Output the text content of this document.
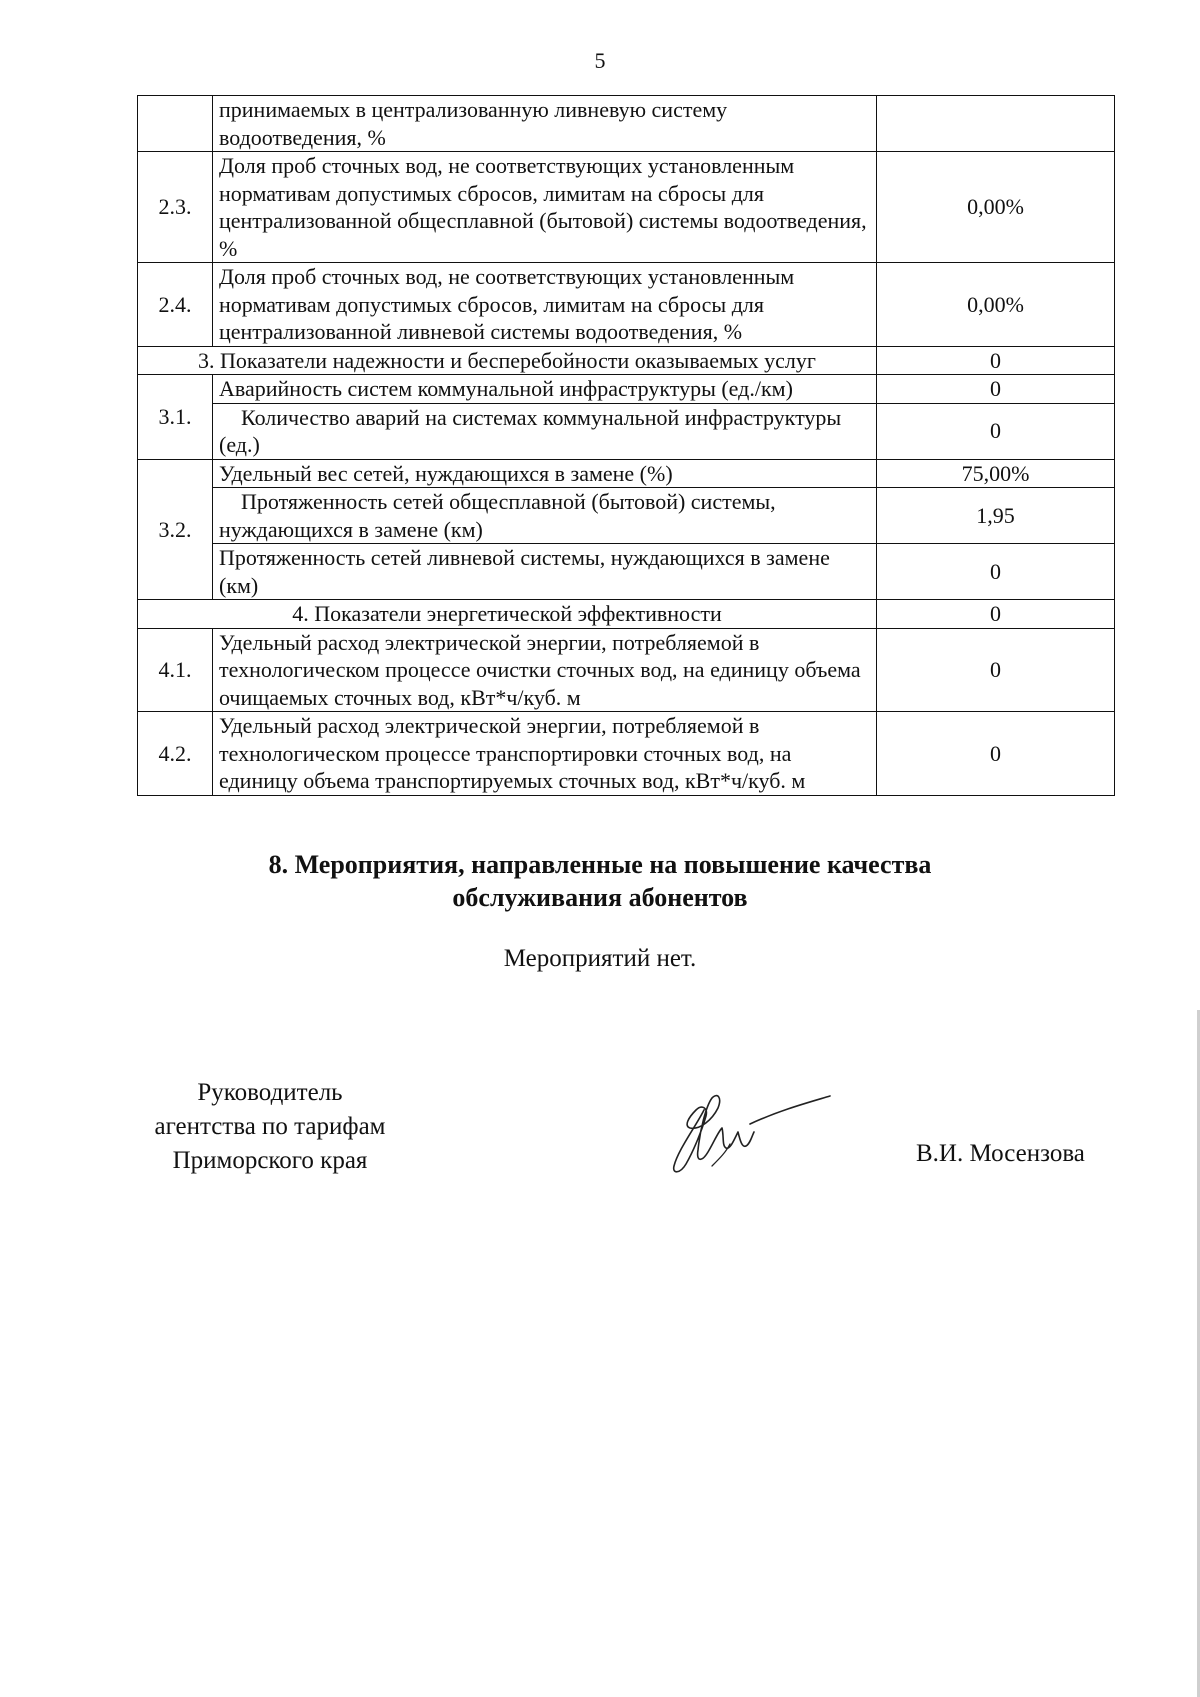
5
	принимаемых в централизованную ливневую систему водоотведения, %	
2.3.	Доля проб сточных вод, не соответствующих установленным нормативам допустимых сбросов, лимитам на сбросы для централизованной общесплавной (бытовой) системы водоотведения, %	0,00%
2.4.	Доля проб сточных вод, не соответствующих установленным нормативам допустимых сбросов, лимитам на сбросы для централизованной ливневой системы водоотведения, %	0,00%
3. Показатели надежности и бесперебойности оказываемых услуг		0
3.1.	Аварийность систем коммунальной инфраструктуры (ед./км)	0
	Количество аварий на системах коммунальной инфраструктуры (ед.)	0
3.2.	Удельный вес сетей, нуждающихся в замене (%)	75,00%
	Протяженность сетей общесплавной (бытовой) системы, нуждающихся в замене (км)	1,95
	Протяженность сетей ливневой системы, нуждающихся в замене (км)	0
4. Показатели энергетической эффективности		0
4.1.	Удельный расход электрической энергии, потребляемой в технологическом процессе очистки сточных вод, на единицу объема очищаемых сточных вод, кВт*ч/куб. м	0
4.2.	Удельный расход электрической энергии, потребляемой в технологическом процессе транспортировки сточных вод, на единицу объема транспортируемых сточных вод, кВт*ч/куб. м	0
8. Мероприятия, направленные на повышение качества
обслуживания абонентов
Мероприятий нет.
Руководитель
агентства по тарифам
Приморского края	В.И. Мосензова
